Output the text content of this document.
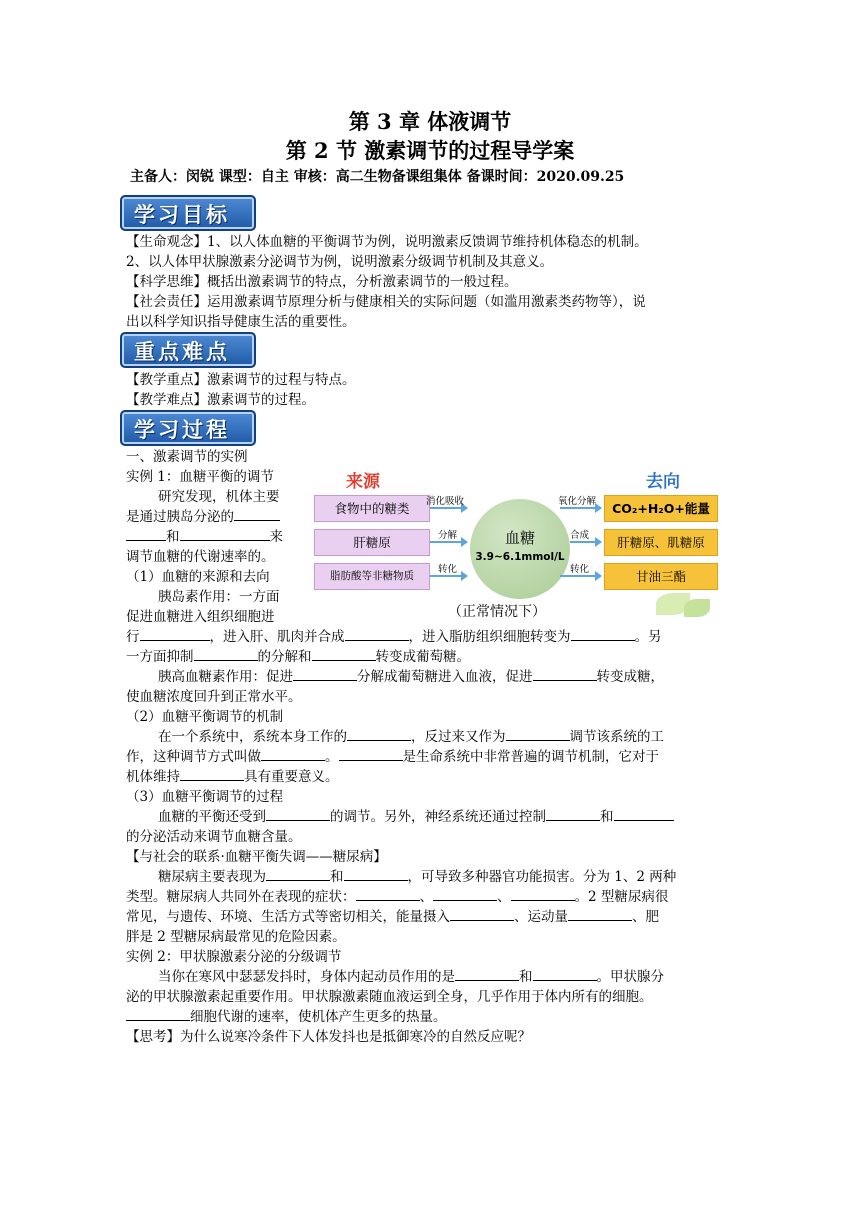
第 3 章 体液调节
第 2 节 激素调节的过程导学案
主备人：闵锐 课型：自主 审核：高二生物备课组集体 备课时间：2020.09.25
学习目标
【生命观念】1、以人体血糖的平衡调节为例，说明激素反馈调节维持机体稳态的机制。
2、以人体甲状腺激素分泌调节为例，说明激素分级调节机制及其意义。
【科学思维】概括出激素调节的特点，分析激素调节的一般过程。
【社会责任】运用激素调节原理分析与健康相关的实际问题（如滥用激素类药物等），说
出以科学知识指导健康生活的重要性。
重点难点
【教学重点】激素调节的过程与特点。
【教学难点】激素调节的过程。
学习过程
一、激素调节的实例
实例 1：血糖平衡的调节
研究发现，机体主要
是通过胰岛分泌的
和	来
调节血糖的代谢速率的。
（1）血糖的来源和去向
胰岛素作用：一方面
促进血糖进入组织细胞进
来源	去向
食物中的糖类
肝糖原
脂肪酸等非糖物质
消化吸收
分解
转化
血糖
3.9~6.1mmol/L
氧化分解
合成
转化
CO₂+H₂O+能量
肝糖原、肌糖原
甘油三酯
（正常情况下）
行	，进入肝、肌肉并合成	，进入脂肪组织细胞转变为	。另
一方面抑制	的分解和	转变成葡萄糖。
胰高血糖素作用：促进	分解成葡萄糖进入血液，促进	转变成糖，
使血糖浓度回升到正常水平。
（2）血糖平衡调节的机制
在一个系统中，系统本身工作的	，反过来又作为	调节该系统的工
作，这种调节方式叫做	。	是生命系统中非常普遍的调节机制，它对于
机体维持	具有重要意义。
（3）血糖平衡调节的过程
血糖的平衡还受到	的调节。另外，神经系统还通过控制	和
的分泌活动来调节血糖含量。
【与社会的联系·血糖平衡失调——糖尿病】
糖尿病主要表现为	和	，可导致多种器官功能损害。分为 1、2 两种
类型。糖尿病人共同外在表现的症状：	、	、	。2 型糖尿病很
常见，与遗传、环境、生活方式等密切相关，能量摄入	、运动量	、肥
胖是 2 型糖尿病最常见的危险因素。
实例 2：甲状腺激素分泌的分级调节
当你在寒风中瑟瑟发抖时，身体内起动员作用的是	和	。甲状腺分
泌的甲状腺激素起重要作用。甲状腺激素随血液运到全身，几乎作用于体内所有的细胞。
细胞代谢的速率，使机体产生更多的热量。
【思考】为什么说寒冷条件下人体发抖也是抵御寒冷的自然反应呢？
